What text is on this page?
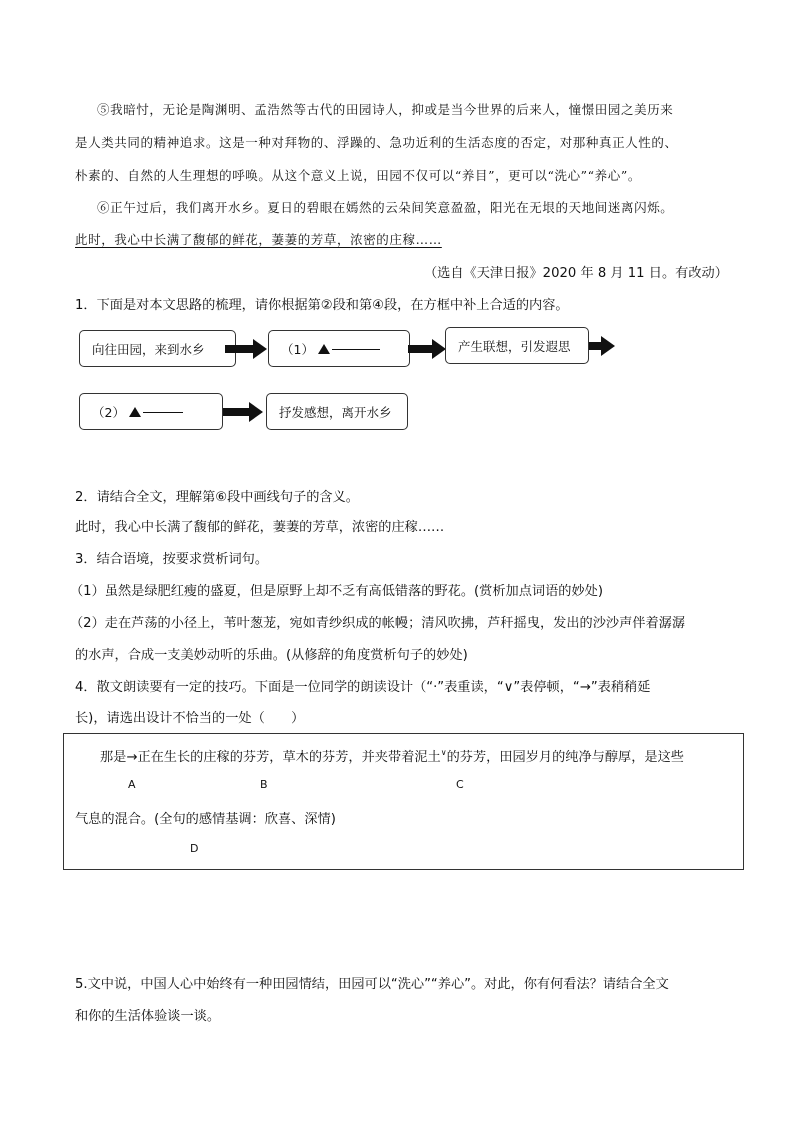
⑤我暗忖，无论是陶渊明、孟浩然等古代的田园诗人，抑或是当今世界的后来人，憧憬田园之美历来
是人类共同的精神追求。这是一种对拜物的、浮躁的、急功近利的生活态度的否定，对那种真正人性的、
朴素的、自然的人生理想的呼唤。从这个意义上说，田园不仅可以“养目”，更可以“洗心”“养心”。
⑥正午过后，我们离开水乡。夏日的碧眼在嫣然的云朵间笑意盈盈，阳光在无垠的天地间迷离闪烁。
此时，我心中长满了馥郁的鲜花，萋萋的芳草，浓密的庄稼……
（选自《天津日报》2020 年 8 月 11 日。有改动）
1．下面是对本文思路的梳理，请你根据第②段和第④段，在方框中补上合适的内容。
向往田园，来到水乡	（1）	产生联想，引发遐思
（2）	抒发感想，离开水乡
2．请结合全文，理解第⑥段中画线句子的含义。
此时，我心中长满了馥郁的鲜花，萋萋的芳草，浓密的庄稼……
3．结合语境，按要求赏析词句。
（1）虽然是绿肥红瘦的盛夏，但是原野上却不乏有高低错落的野花。(赏析加点词语的妙处)
（2）走在芦荡的小径上，苇叶葱茏，宛如青纱织成的帐幔；清风吹拂，芦秆摇曳，发出的沙沙声伴着潺潺
的水声，合成一支美妙动听的乐曲。(从修辞的角度赏析句子的妙处)
4．散文朗读要有一定的技巧。下面是一位同学的朗读设计（“·”表重读，“∨”表停顿，“→”表稍稍延
长)，请选出设计不恰当的一处（　　）
那是→正在生长的庄稼的芬芳，草木的芬芳，并夹带着泥土∨的芬芳，田园岁月的纯净与醇厚，是这些
A	B	C
气息的混合。(全句的感情基调：欣喜、深情)
D
5.文中说，中国人心中始终有一种田园情结，田园可以“洗心”“养心”。对此，你有何看法？请结合全文
和你的生活体验谈一谈。
